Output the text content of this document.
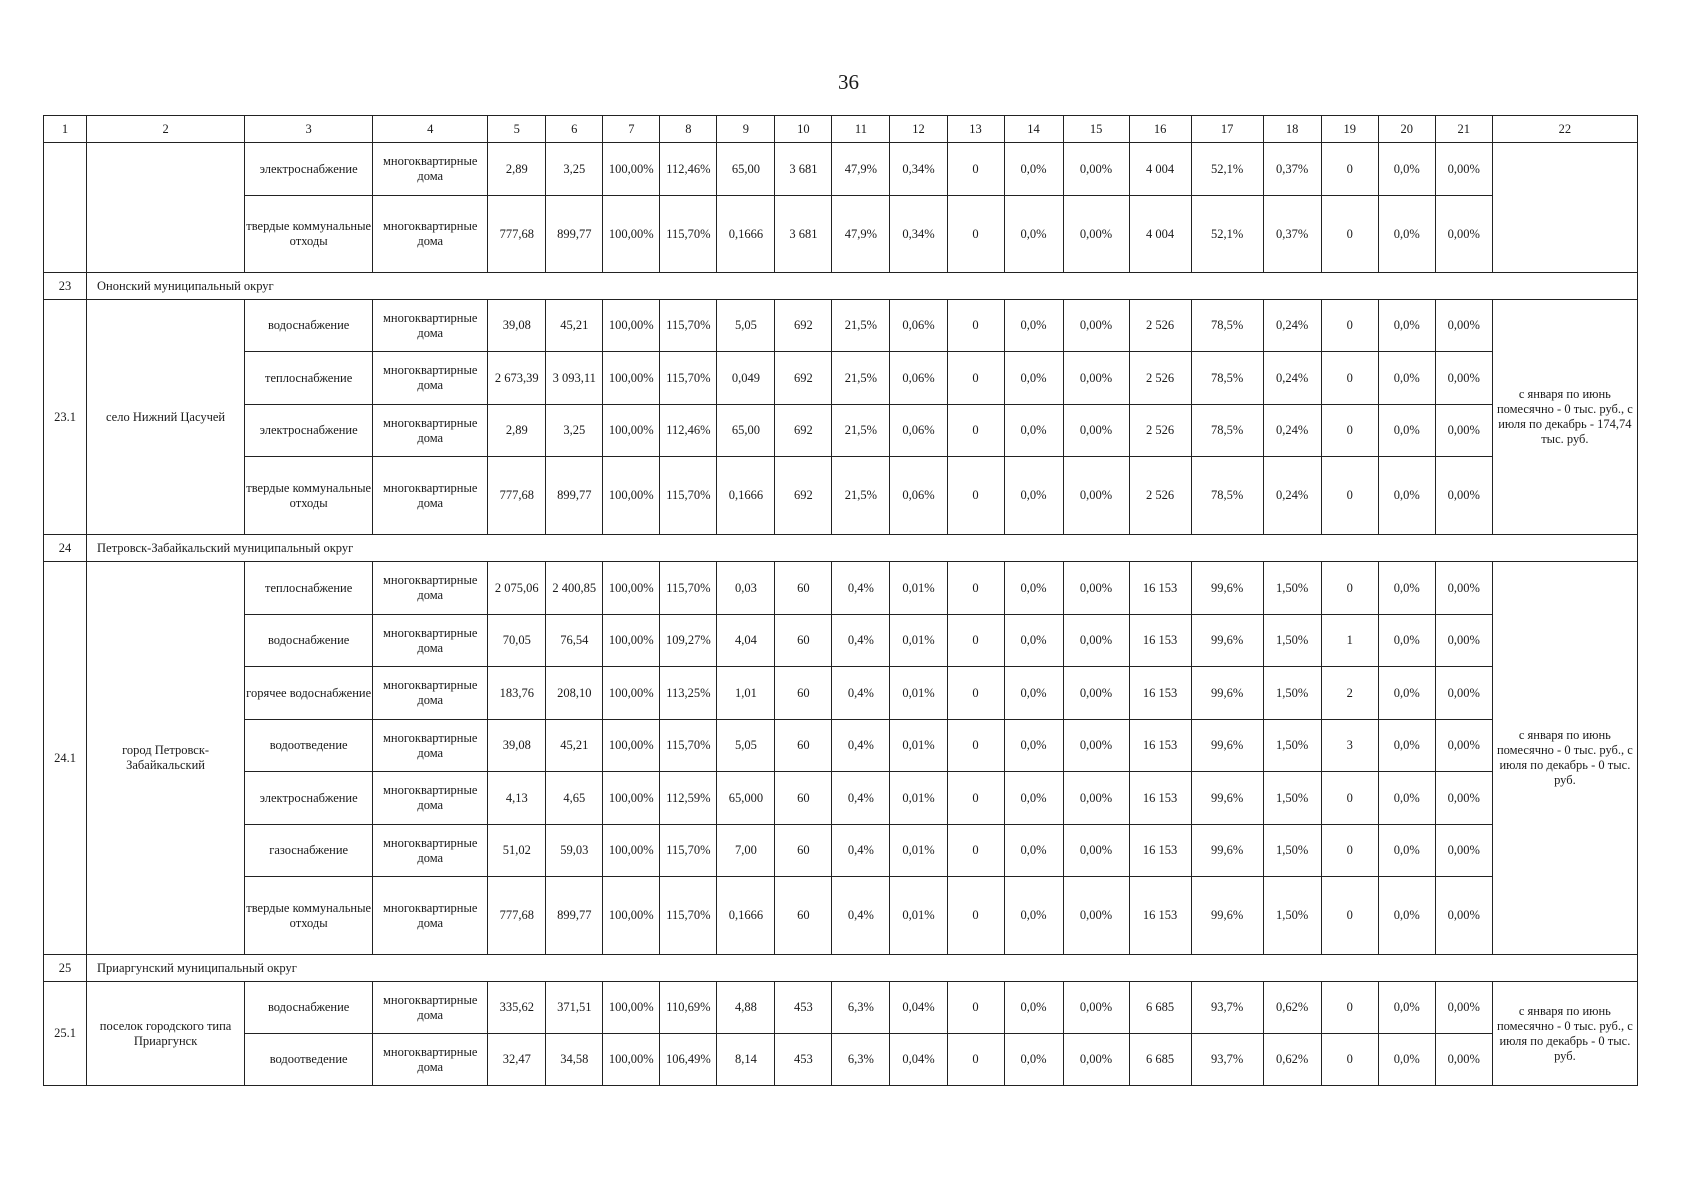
36
1	2	3	4	5	6	7	8	9	10	11	12	13	14	15	16	17	18	19	20	21	22
		электроснабжение	многоквартирные дома	2,89	3,25	100,00%	112,46%	65,00	3 681	47,9%	0,34%	0	0,0%	0,00%	4 004	52,1%	0,37%	0	0,0%	0,00%	
		твердые коммунальные отходы	многоквартирные дома	777,68	899,77	100,00%	115,70%	0,1666	3 681	47,9%	0,34%	0	0,0%	0,00%	4 004	52,1%	0,37%	0	0,0%	0,00%	
23	Ононский муниципальный округ																				
23.1	село Нижний Цасучей	водоснабжение	многоквартирные дома	39,08	45,21	100,00%	115,70%	5,05	692	21,5%	0,06%	0	0,0%	0,00%	2 526	78,5%	0,24%	0	0,0%	0,00%	с января по июнь помесячно - 0 тыс. руб., с июля по декабрь - 174,74 тыс. руб.
		теплоснабжение	многоквартирные дома	2 673,39	3 093,11	100,00%	115,70%	0,049	692	21,5%	0,06%	0	0,0%	0,00%	2 526	78,5%	0,24%	0	0,0%	0,00%	
		электроснабжение	многоквартирные дома	2,89	3,25	100,00%	112,46%	65,00	692	21,5%	0,06%	0	0,0%	0,00%	2 526	78,5%	0,24%	0	0,0%	0,00%	
		твердые коммунальные отходы	многоквартирные дома	777,68	899,77	100,00%	115,70%	0,1666	692	21,5%	0,06%	0	0,0%	0,00%	2 526	78,5%	0,24%	0	0,0%	0,00%	
24	Петровск-Забайкальский муниципальный округ																				
24.1	город Петровск-Забайкальский	теплоснабжение	многоквартирные дома	2 075,06	2 400,85	100,00%	115,70%	0,03	60	0,4%	0,01%	0	0,0%	0,00%	16 153	99,6%	1,50%	0	0,0%	0,00%	с января по июнь помесячно - 0 тыс. руб., с июля по декабрь - 0 тыс. руб.
		водоснабжение	многоквартирные дома	70,05	76,54	100,00%	109,27%	4,04	60	0,4%	0,01%	0	0,0%	0,00%	16 153	99,6%	1,50%	1	0,0%	0,00%	
		горячее водоснабжение	многоквартирные дома	183,76	208,10	100,00%	113,25%	1,01	60	0,4%	0,01%	0	0,0%	0,00%	16 153	99,6%	1,50%	2	0,0%	0,00%	
		водоотведение	многоквартирные дома	39,08	45,21	100,00%	115,70%	5,05	60	0,4%	0,01%	0	0,0%	0,00%	16 153	99,6%	1,50%	3	0,0%	0,00%	
		электроснабжение	многоквартирные дома	4,13	4,65	100,00%	112,59%	65,000	60	0,4%	0,01%	0	0,0%	0,00%	16 153	99,6%	1,50%	0	0,0%	0,00%	
		газоснабжение	многоквартирные дома	51,02	59,03	100,00%	115,70%	7,00	60	0,4%	0,01%	0	0,0%	0,00%	16 153	99,6%	1,50%	0	0,0%	0,00%	
		твердые коммунальные отходы	многоквартирные дома	777,68	899,77	100,00%	115,70%	0,1666	60	0,4%	0,01%	0	0,0%	0,00%	16 153	99,6%	1,50%	0	0,0%	0,00%	
25	Приаргунский муниципальный округ																				
25.1	поселок городского типа Приаргунск	водоснабжение	многоквартирные дома	335,62	371,51	100,00%	110,69%	4,88	453	6,3%	0,04%	0	0,0%	0,00%	6 685	93,7%	0,62%	0	0,0%	0,00%	с января по июнь помесячно - 0 тыс. руб., с июля по декабрь - 0 тыс. руб.
		водоотведение	многоквартирные дома	32,47	34,58	100,00%	106,49%	8,14	453	6,3%	0,04%	0	0,0%	0,00%	6 685	93,7%	0,62%	0	0,0%	0,00%	
